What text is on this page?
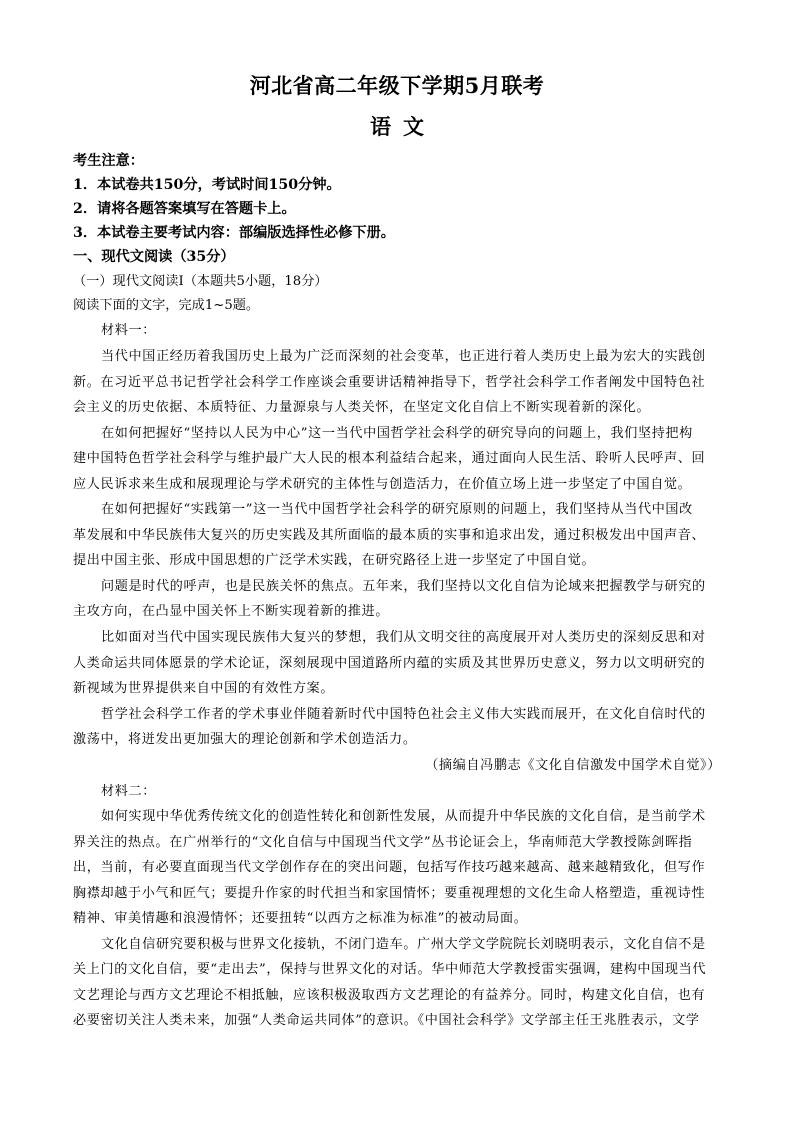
河北省高二年级下学期5月联考
语文
考生注意：
1．本试卷共150分，考试时间150分钟。
2．请将各题答案填写在答题卡上。
3．本试卷主要考试内容：部编版选择性必修下册。
一、现代文阅读（35分）
（一）现代文阅读Ⅰ（本题共5小题，18分）
阅读下面的文字，完成1~5题。
材料一：
当代中国正经历着我国历史上最为广泛而深刻的社会变革，也正进行着人类历史上最为宏大的实践创
新。在习近平总书记哲学社会科学工作座谈会重要讲话精神指导下，哲学社会科学工作者阐发中国特色社
会主义的历史依据、本质特征、力量源泉与人类关怀，在坚定文化自信上不断实现着新的深化。
在如何把握好“坚持以人民为中心”这一当代中国哲学社会科学的研究导向的问题上，我们坚持把构
建中国特色哲学社会科学与维护最广大人民的根本利益结合起来，通过面向人民生活、聆听人民呼声、回
应人民诉求来生成和展现理论与学术研究的主体性与创造活力，在价值立场上进一步坚定了中国自觉。
在如何把握好“实践第一”这一当代中国哲学社会科学的研究原则的问题上，我们坚持从当代中国改
革发展和中华民族伟大复兴的历史实践及其所面临的最本质的实事和追求出发，通过积极发出中国声音、
提出中国主张、形成中国思想的广泛学术实践，在研究路径上进一步坚定了中国自觉。
问题是时代的呼声，也是民族关怀的焦点。五年来，我们坚持以文化自信为论域来把握教学与研究的
主攻方向，在凸显中国关怀上不断实现着新的推进。
比如面对当代中国实现民族伟大复兴的梦想，我们从文明交往的高度展开对人类历史的深刻反思和对
人类命运共同体愿景的学术论证，深刻展现中国道路所内蕴的实质及其世界历史意义，努力以文明研究的
新视域为世界提供来自中国的有效性方案。
哲学社会科学工作者的学术事业伴随着新时代中国特色社会主义伟大实践而展开，在文化自信时代的
激荡中，将迸发出更加强大的理论创新和学术创造活力。
（摘编自冯鹏志《文化自信激发中国学术自觉》）
材料二：
如何实现中华优秀传统文化的创造性转化和创新性发展，从而提升中华民族的文化自信，是当前学术
界关注的热点。在广州举行的“文化自信与中国现当代文学”丛书论证会上，华南师范大学教授陈剑晖指
出，当前，有必要直面现当代文学创作存在的突出问题，包括写作技巧越来越高、越来越精致化，但写作
胸襟却越于小气和匠气；要提升作家的时代担当和家国情怀；要重视理想的文化生命人格塑造，重视诗性
精神、审美情趣和浪漫情怀；还要扭转“以西方之标准为标准”的被动局面。
文化自信研究要积极与世界文化接轨，不闭门造车。广州大学文学院院长刘晓明表示，文化自信不是
关上门的文化自信，要“走出去”，保持与世界文化的对话。华中师范大学教授雷实强调，建构中国现当代
文艺理论与西方文艺理论不相抵触，应该积极汲取西方文艺理论的有益养分。同时，构建文化自信，也有
必要密切关注人类未来，加强“人类命运共同体”的意识。《中国社会科学》文学部主任王兆胜表示，文学
